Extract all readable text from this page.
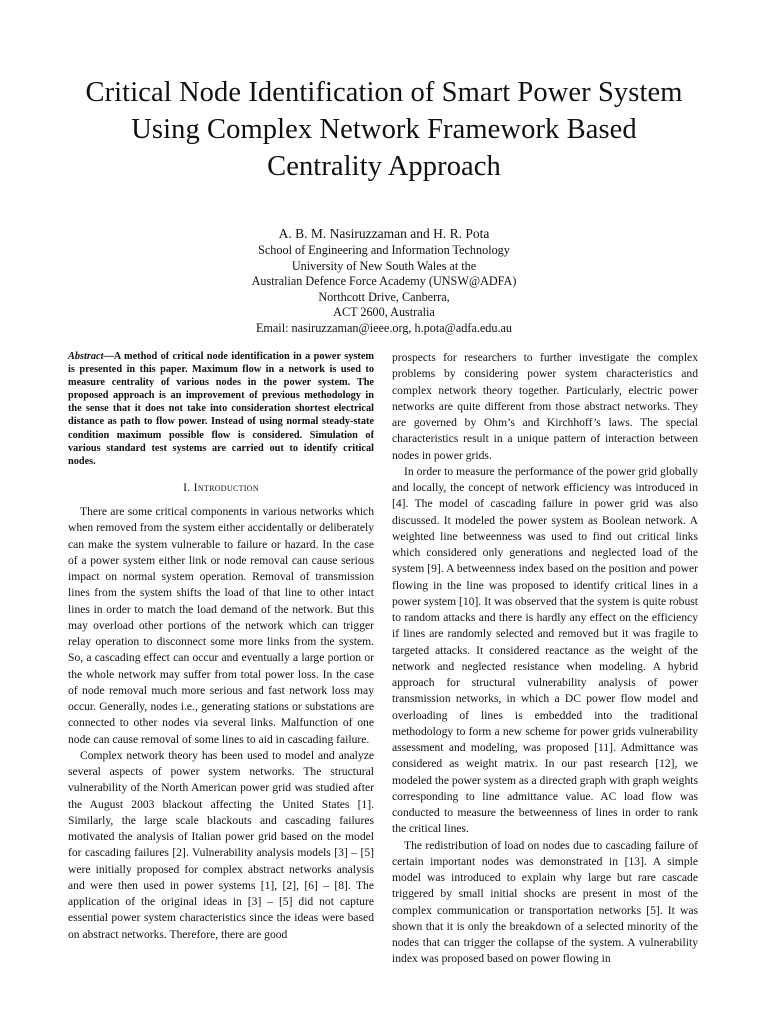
Critical Node Identification of Smart Power System
Using Complex Network Framework Based
Centrality Approach
A. B. M. Nasiruzzaman and H. R. Pota
School of Engineering and Information Technology
University of New South Wales at the
Australian Defence Force Academy (UNSW@ADFA)
Northcott Drive, Canberra,
ACT 2600, Australia
Email: nasiruzzaman@ieee.org, h.pota@adfa.edu.au

Abstract—A method of critical node identification in a power system is presented in this paper. Maximum flow in a network is used to measure centrality of various nodes in the power system. The proposed approach is an improvement of previous methodology in the sense that it does not take into consideration shortest electrical distance as path to flow power. Instead of using normal steady-state condition maximum possible flow is considered. Simulation of various standard test systems are carried out to identify critical nodes.

I. Introduction

There are some critical components in various networks which when removed from the system either accidentally or deliberately can make the system vulnerable to failure or hazard. In the case of a power system either link or node removal can cause serious impact on normal system operation. Removal of transmission lines from the system shifts the load of that line to other intact lines in order to match the load demand of the network. But this may overload other portions of the network which can trigger relay operation to disconnect some more links from the system. So, a cascading effect can occur and eventually a large portion or the whole network may suffer from total power loss. In the case of node removal much more serious and fast network loss may occur. Generally, nodes i.e., generating stations or substations are connected to other nodes via several links. Malfunction of one node can cause removal of some lines to aid in cascading failure.

Complex network theory has been used to model and analyze several aspects of power system networks. The structural vulnerability of the North American power grid was studied after the August 2003 blackout affecting the United States [1]. Similarly, the large scale blackouts and cascading failures motivated the analysis of Italian power grid based on the model for cascading failures [2]. Vulnerability analysis models [3] – [5] were initially proposed for complex abstract networks analysis and were then used in power systems [1], [2], [6] – [8]. The application of the original ideas in [3] – [5] did not capture essential power system characteristics since the ideas were based on abstract networks. Therefore, there are good

prospects for researchers to further investigate the complex problems by considering power system characteristics and complex network theory together. Particularly, electric power networks are quite different from those abstract networks. They are governed by Ohm’s and Kirchhoff’s laws. The special characteristics result in a unique pattern of interaction between nodes in power grids.

In order to measure the performance of the power grid globally and locally, the concept of network efficiency was introduced in [4]. The model of cascading failure in power grid was also discussed. It modeled the power system as Boolean network. A weighted line betweenness was used to find out critical links which considered only generations and neglected load of the system [9]. A betweenness index based on the position and power flowing in the line was proposed to identify critical lines in a power system [10]. It was observed that the system is quite robust to random attacks and there is hardly any effect on the efficiency if lines are randomly selected and removed but it was fragile to targeted attacks. It considered reactance as the weight of the network and neglected resistance when modeling. A hybrid approach for structural vulnerability analysis of power transmission networks, in which a DC power flow model and overloading of lines is embedded into the traditional methodology to form a new scheme for power grids vulnerability assessment and modeling, was proposed [11]. Admittance was considered as weight matrix. In our past research [12], we modeled the power system as a directed graph with graph weights corresponding to line admittance value. AC load flow was conducted to measure the betweenness of lines in order to rank the critical lines.

The redistribution of load on nodes due to cascading failure of certain important nodes was demonstrated in [13]. A simple model was introduced to explain why large but rare cascade triggered by small initial shocks are present in most of the complex communication or transportation networks [5]. It was shown that it is only the breakdown of a selected minority of the nodes that can trigger the collapse of the system. A vulnerability index was proposed based on power flowing in
